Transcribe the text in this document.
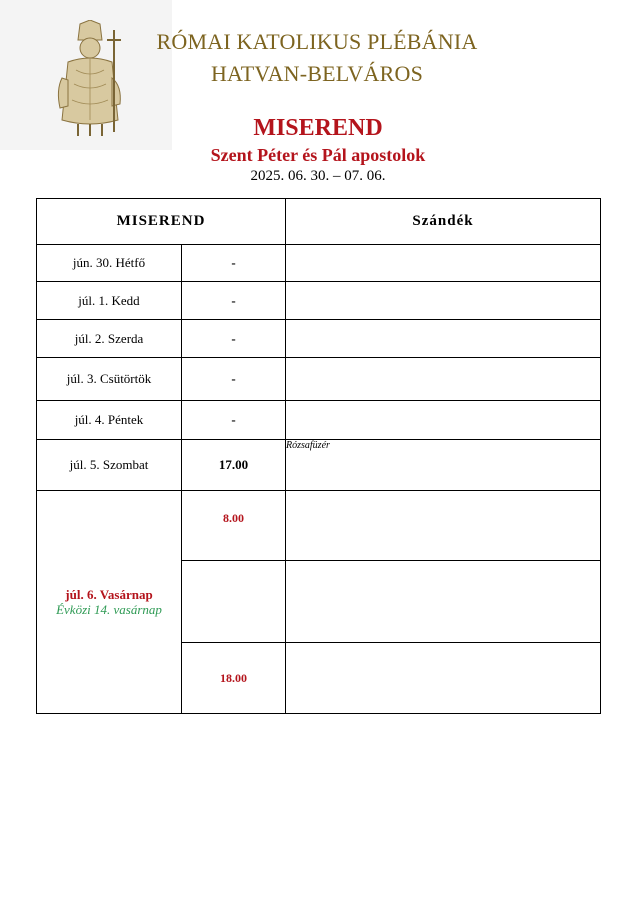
RÓMAI KATOLIKUS PLÉBÁNIA
HATVAN-BELVÁROS
MISEREND
Szent Péter és Pál apostolok
2025. 06. 30. – 07. 06.
MISEREND		Szándék
jún. 30. Hétfő	-	
júl. 1. Kedd	-	
júl. 2. Szerda	-	
júl. 3. Csütörtök	-	
júl. 4. Péntek	-	
júl. 5. Szombat	17.00	Rózsafüzér

júl. 6. Vasárnap
Évközi 14. vasárnap	8.00	

	18.00	
